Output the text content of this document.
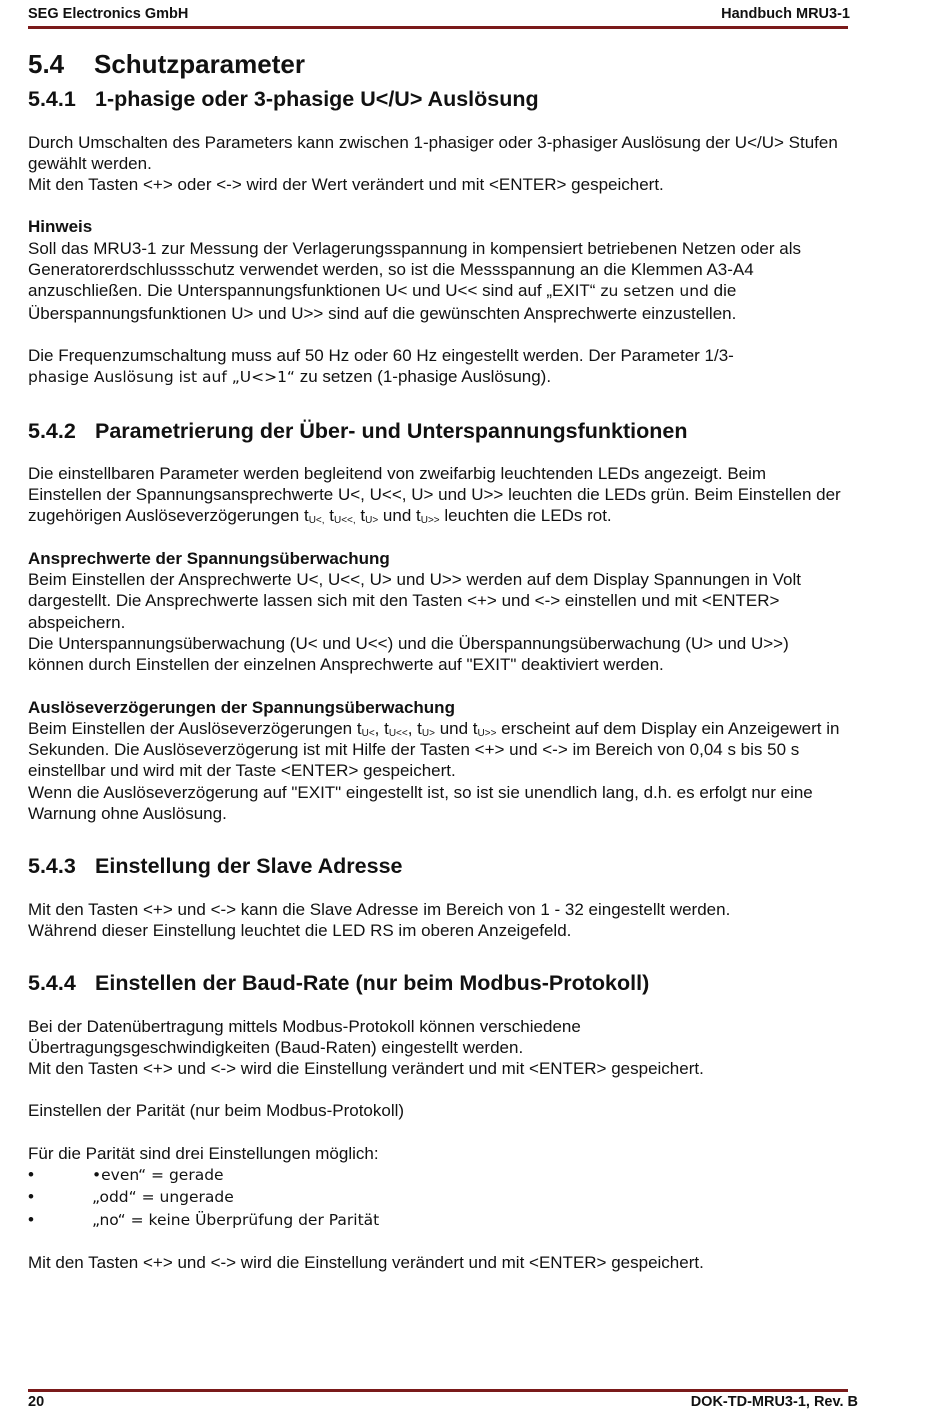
SEG Electronics GmbH	Handbuch MRU3-1
5.4 Schutzparameter
5.4.1 1-phasige oder 3-phasige U</U> Auslösung

Durch Umschalten des Parameters kann zwischen 1-phasiger oder 3-phasiger Auslösung der U</U> Stufen gewählt werden.

Mit den Tasten <+> oder <-> wird der Wert verändert und mit <ENTER> gespeichert.

Hinweis

Soll das MRU3-1 zur Messung der Verlagerungsspannung in kompensiert betriebenen Netzen oder als Generatorerdschlussschutz verwendet werden, so ist die Messspannung an die Klemmen A3-A4 anzuschließen. Die Unterspannungsfunktionen U< und U<< sind auf „EXIT“ zu setzen und die Überspannungsfunktionen U> und U>> sind auf die gewünschten Ansprechwerte einzustellen.

Die Frequenzumschaltung muss auf 50 Hz oder 60 Hz eingestellt werden. Der Parameter 1/3-
phasige Auslösung ist auf „U<>1“ zu setzen (1-phasige Auslösung).

5.4.2 Parametrierung der Über- und Unterspannungsfunktionen

Die einstellbaren Parameter werden begleitend von zweifarbig leuchtenden LEDs angezeigt. Beim Einstellen der Spannungsansprechwerte U<, U<<, U> und U>> leuchten die LEDs grün. Beim Einstellen der zugehörigen Auslöseverzögerungen $t_{U<,}$ $t_{U<<,}$ $t_{U>}$ und $t_{U>>}$ leuchten die LEDs rot.

Ansprechwerte der Spannungsüberwachung

Beim Einstellen der Ansprechwerte U<, U<<, U> und U>> werden auf dem Display Spannungen in Volt dargestellt. Die Ansprechwerte lassen sich mit den Tasten <+> und <-> einstellen und mit <ENTER> abspeichern.

Die Unterspannungsüberwachung (U< und U<<) und die Überspannungsüberwachung (U> und U>>) können durch Einstellen der einzelnen Ansprechwerte auf "EXIT" deaktiviert werden.

Auslöseverzögerungen der Spannungsüberwachung

Beim Einstellen der Auslöseverzögerungen $t_{U<}$, $t_{U<<}$, $t_{U>}$ und $t_{U>>}$ erscheint auf dem Display ein Anzeigewert in Sekunden. Die Auslöseverzögerung ist mit Hilfe der Tasten <+> und <-> im Bereich von 0,04 s bis 50 s einstellbar und wird mit der Taste <ENTER> gespeichert.

Wenn die Auslöseverzögerung auf "EXIT" eingestellt ist, so ist sie unendlich lang, d.h. es erfolgt nur eine Warnung ohne Auslösung.

5.4.3 Einstellung der Slave Adresse

Mit den Tasten <+> und <-> kann die Slave Adresse im Bereich von 1 - 32 eingestellt werden.

Während dieser Einstellung leuchtet die LED RS im oberen Anzeigefeld.

5.4.4 Einstellen der Baud-Rate (nur beim Modbus-Protokoll)

Bei der Datenübertragung mittels Modbus-Protokoll können verschiedene

Übertragungsgeschwindigkeiten (Baud-Raten) eingestellt werden.

Mit den Tasten <+> und <-> wird die Einstellung verändert und mit <ENTER> gespeichert.

Einstellen der Parität (nur beim Modbus-Protokoll)

Für die Parität sind drei Einstellungen möglich:

•	•even“ = gerade
•	„odd“ = ungerade
•	„no“ = keine Überprüfung der Parität

Mit den Tasten <+> und <-> wird die Einstellung verändert und mit <ENTER> gespeichert.

20	DOK-TD-MRU3-1, Rev. B
